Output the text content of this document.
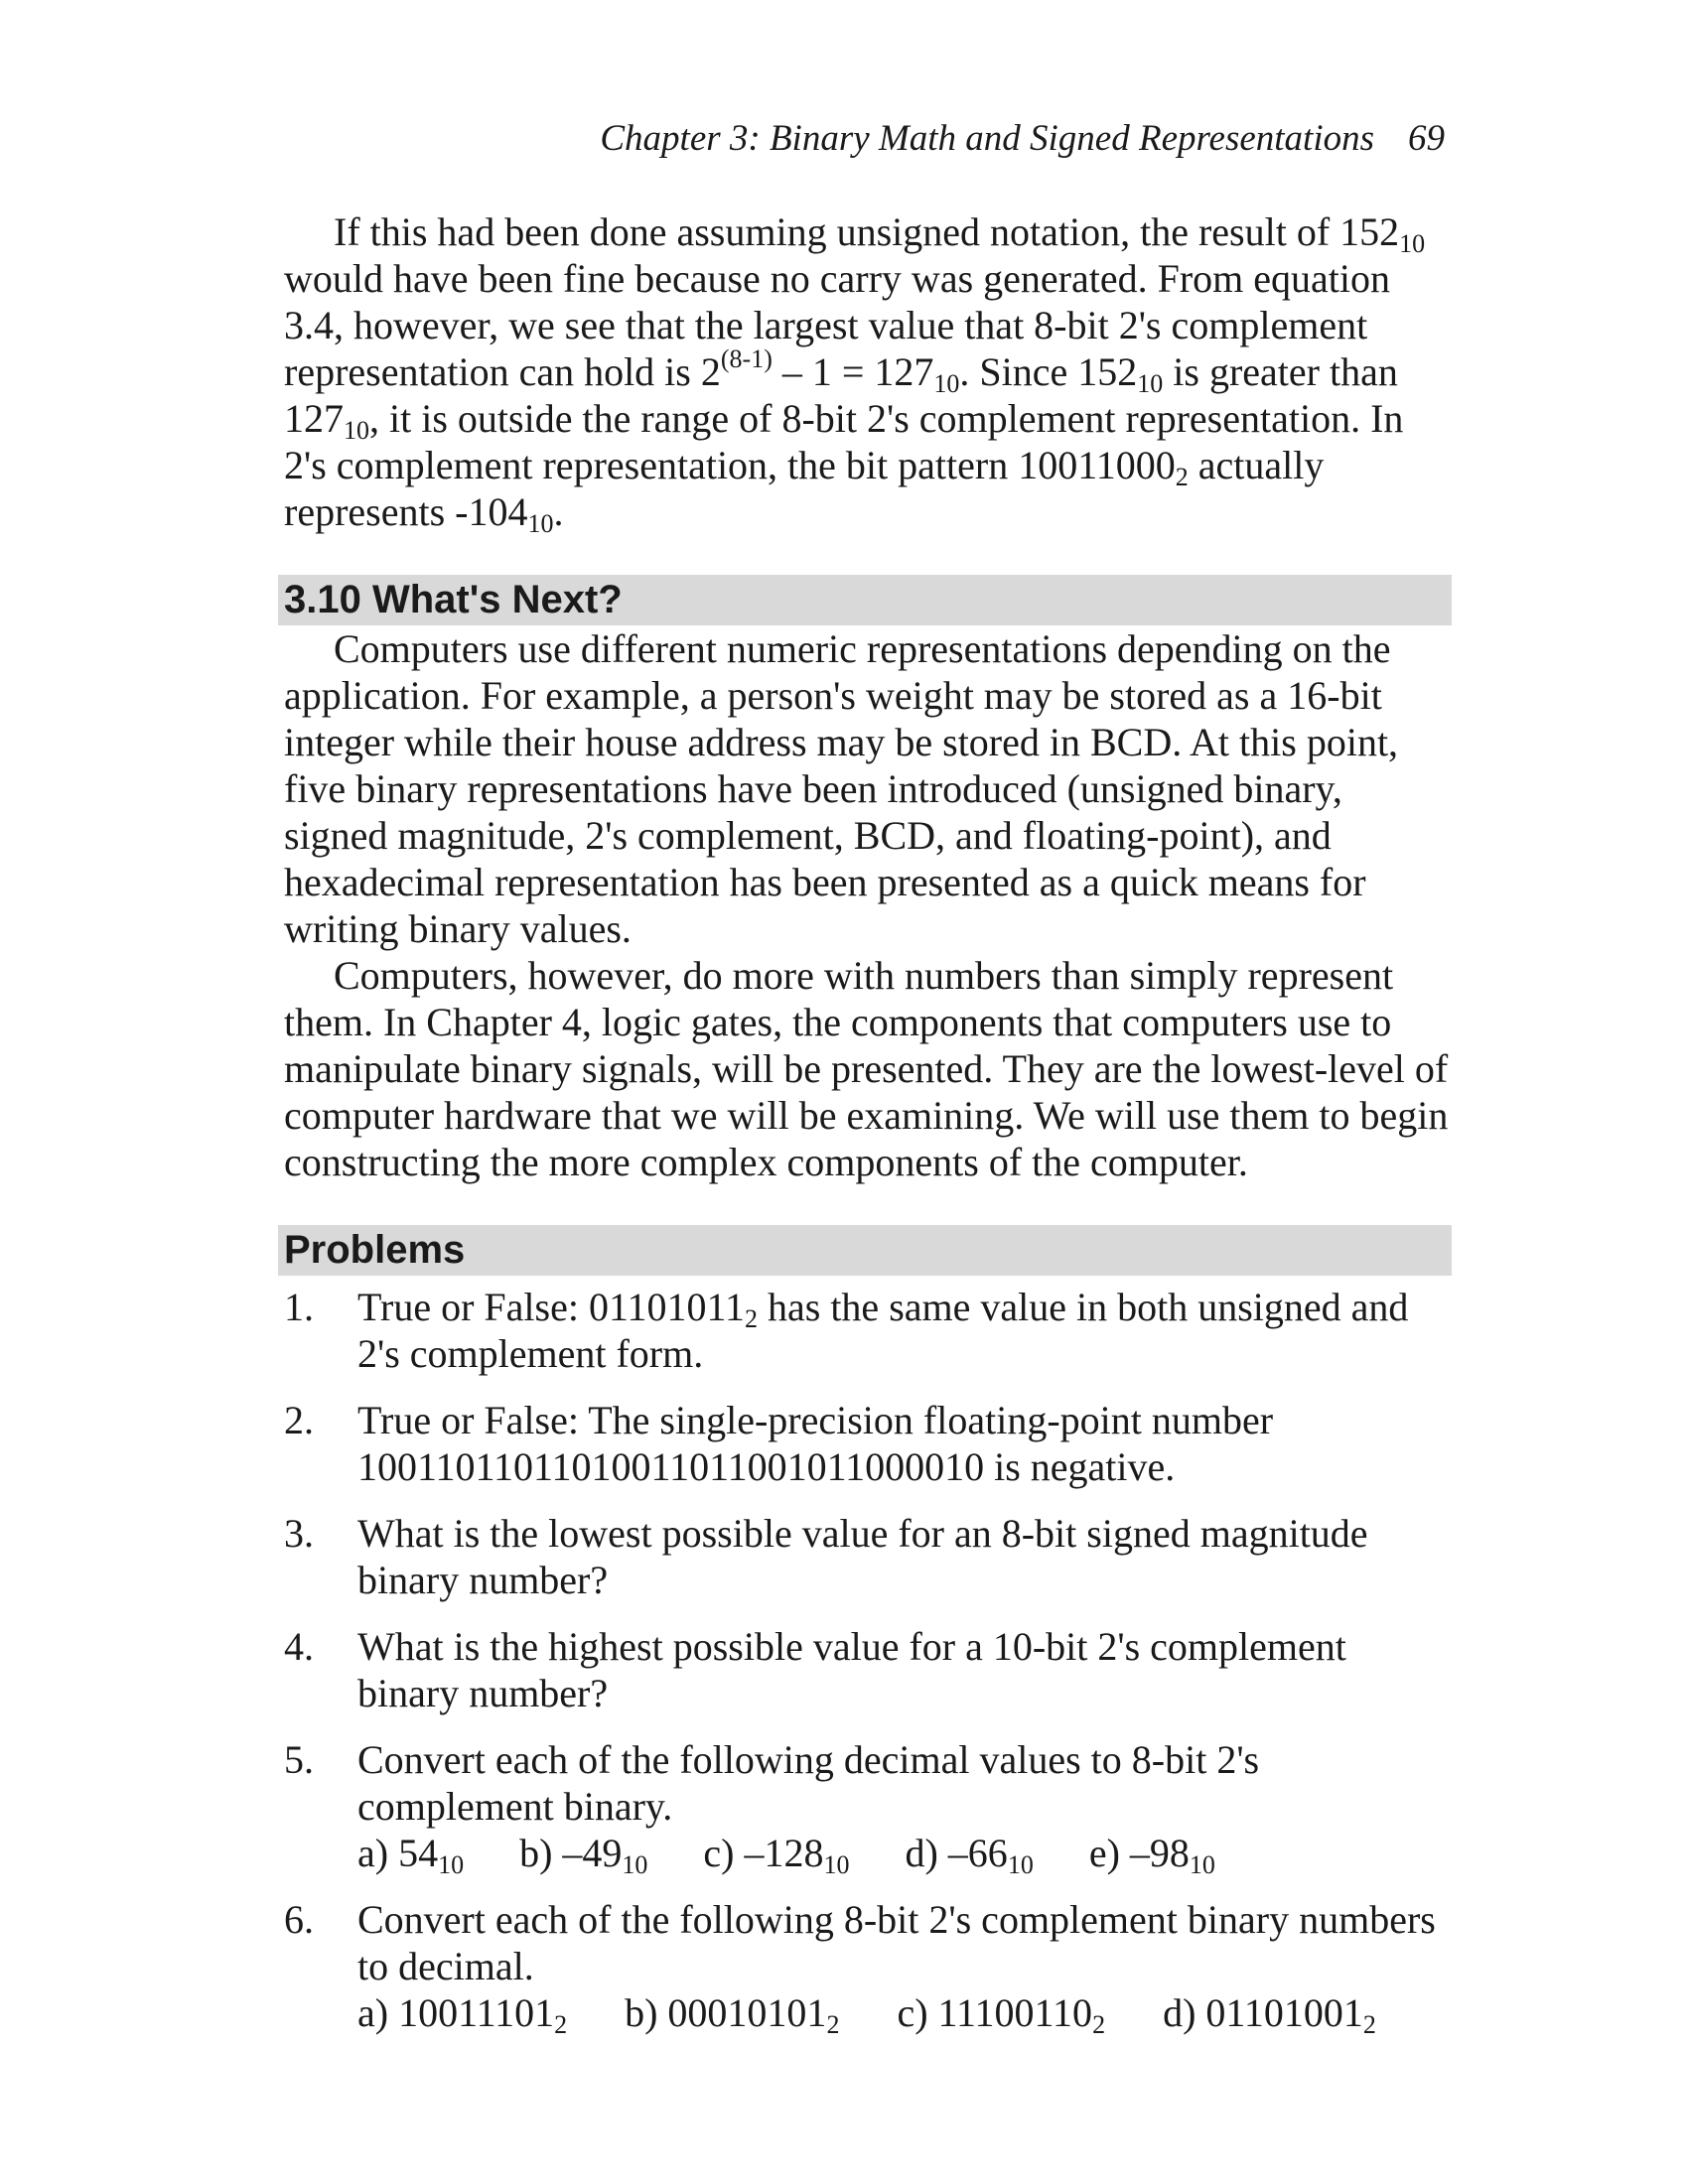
Chapter 3: Binary Math and Signed Representations 69

If this had been done assuming unsigned notation, the result of $152_{10}$ would have been fine because no carry was generated. From equation 3.4, however, we see that the largest value that 8-bit 2's complement representation can hold is $2^{(8-1)} - 1 = 127_{10}$. Since $152_{10}$ is greater than $127_{10}$, it is outside the range of 8-bit 2's complement representation. In 2's complement representation, the bit pattern $10011000_2$ actually represents $-104_{10}$.

3.10 What's Next?

Computers use different numeric representations depending on the application. For example, a person's weight may be stored as a 16-bit integer while their house address may be stored in BCD. At this point, five binary representations have been introduced (unsigned binary, signed magnitude, 2's complement, BCD, and floating-point), and hexadecimal representation has been presented as a quick means for writing binary values.

Computers, however, do more with numbers than simply represent them. In Chapter 4, logic gates, the components that computers use to manipulate binary signals, will be presented. They are the lowest-level of computer hardware that we will be examining. We will use them to begin constructing the more complex components of the computer.

Problems
1. True or False: $01101011_2$ has the same value in both unsigned and 2's complement form.
2. True or False: The single-precision floating-point number 10011011011010011011001011000010 is negative.
3. What is the lowest possible value for an 8-bit signed magnitude binary number?
4. What is the highest possible value for a 10-bit 2's complement binary number?
5. Convert each of the following decimal values to 8-bit 2's complement binary.
a) $54_{10}$ b) $-49_{10}$ c) $-128_{10}$ d) $-66_{10}$ e) $-98_{10}$
6. Convert each of the following 8-bit 2's complement binary numbers to decimal.
a) $10011101_2$ b) $00010101_2$ c) $11100110_2$ d) $01101001_2$
